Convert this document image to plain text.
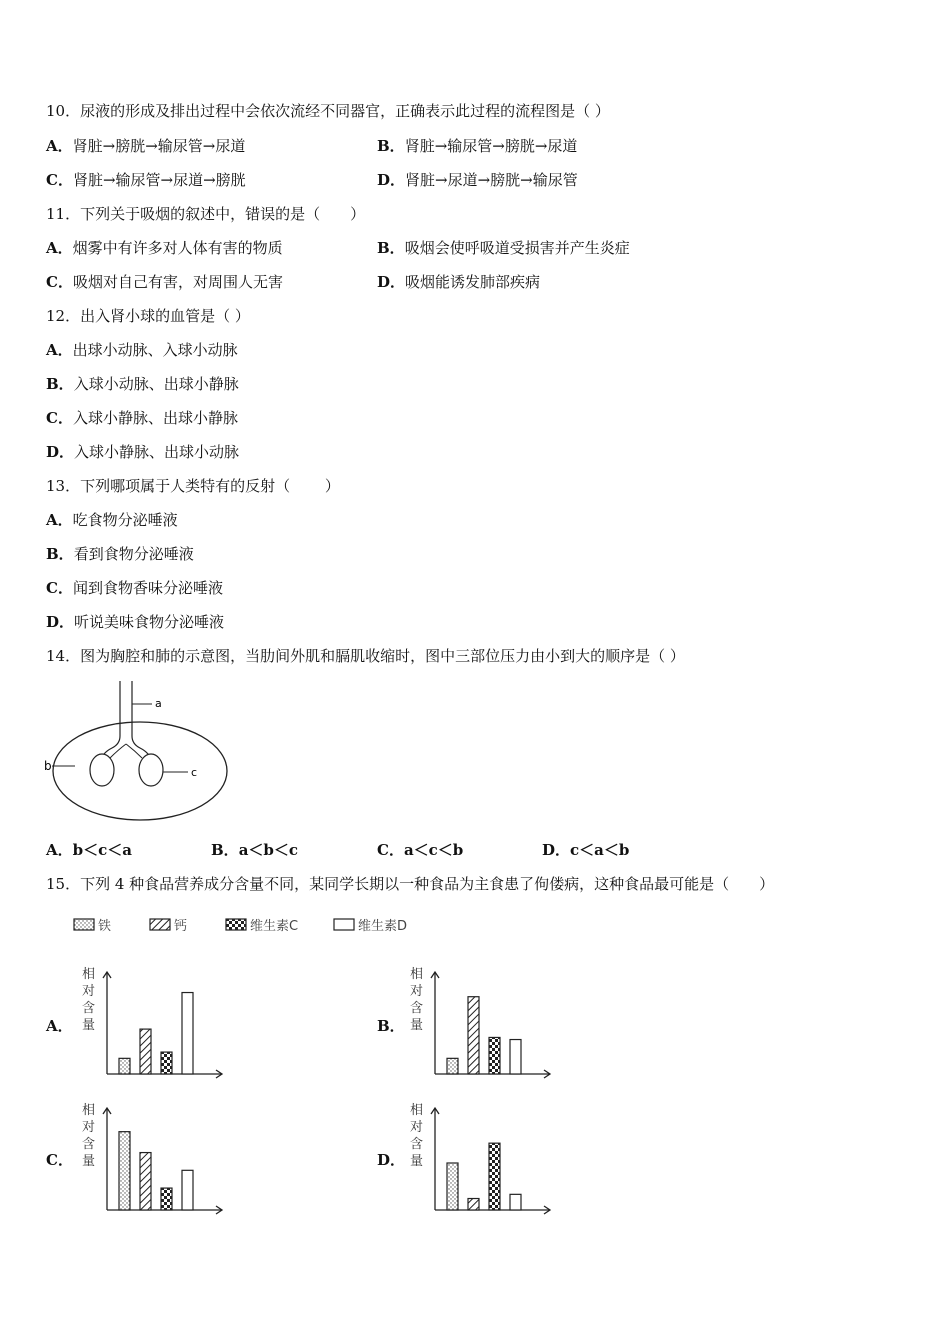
10．尿液的形成及排出过程中会依次流经不同器官，正确表示此过程的流程图是（ ）
A．肾脏→膀胱→输尿管→尿道	B．肾脏→输尿管→膀胱→尿道
C．肾脏→输尿管→尿道→膀胱	D．肾脏→尿道→膀胱→输尿管
11．下列关于吸烟的叙述中，错误的是（　　）
A．烟雾中有许多对人体有害的物质	B．吸烟会使呼吸道受损害并产生炎症
C．吸烟对自己有害，对周围人无害	D．吸烟能诱发肺部疾病
12．出入肾小球的血管是（ ）
A．出球小动脉、入球小动脉
B．入球小动脉、出球小静脉
C．入球小静脉、出球小静脉
D．入球小静脉、出球小动脉
13．下列哪项属于人类特有的反射（　　 ）
A．吃食物分泌唾液
B．看到食物分泌唾液
C．闻到食物香味分泌唾液
D．听说美味食物分泌唾液
14．图为胸腔和肺的示意图，当肋间外肌和膈肌收缩时，图中三部位压力由小到大的顺序是（ ）
a
b	c
A．b＜c＜a	B．a＜b＜c	C．a＜c＜b	D．c＜a＜b
15．下列 4 种食品营养成分含量不同，某同学长期以一种食品为主食患了佝偻病，这种食品最可能是（　　）
铁	钙	维生素C	维生素D
A．	B．
C．	D．
相
对
含
量
相
对
含
量
相
对
含
量
相
对
含
量
